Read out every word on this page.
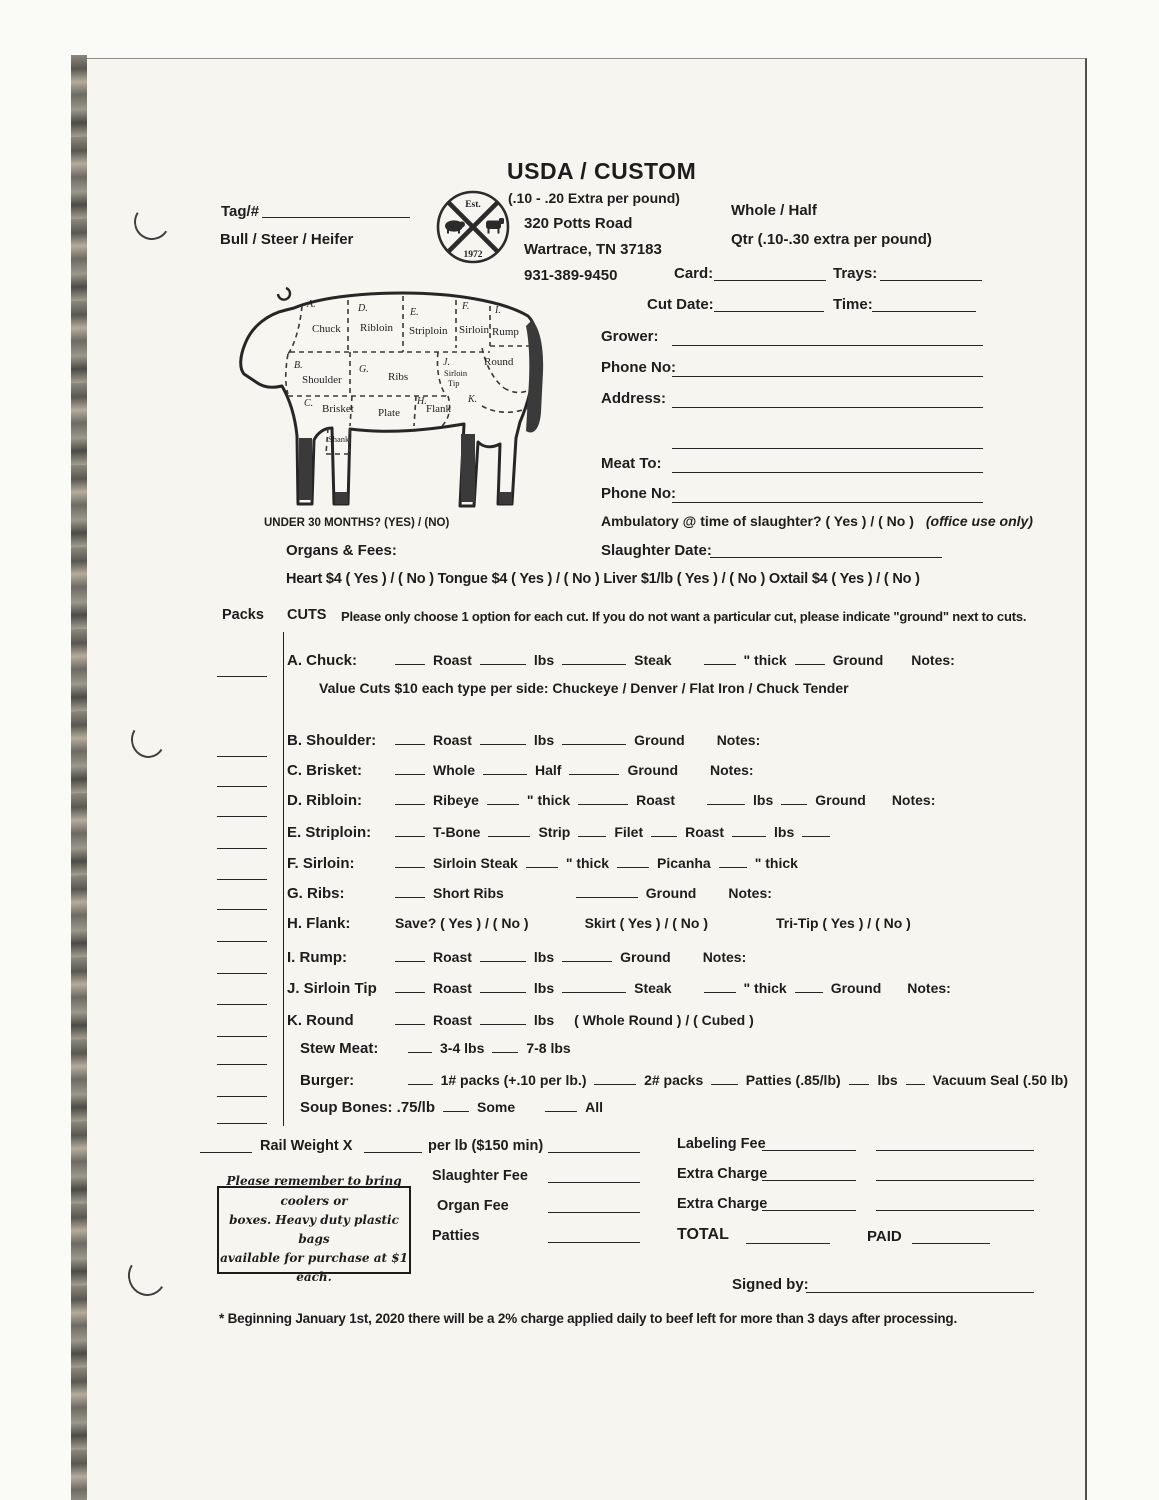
Tag/#
Bull / Steer / Heifer
Est.
1972
USDA / CUSTOM
(.10 - .20 Extra per pound)
320 Potts Road
Wartrace, TN 37183
931-389-9450
Whole / Half
Qtr (.10-.30 extra per pound)
Card:	Trays:
Cut Date:	Time:
A.
Chuck
D.
Ribloin
E.
Striploin
F.
Sirloin
I.
Rump
B.
Shoulder
G.
Ribs
J.
Sirloin
Tip
Round
C. Brisket Plate
H.
Flank
K.
Shank
UNDER 30 MONTHS? (YES) / (NO)
Grower:
Phone No:
Address:
Meat To:
Phone No:
Ambulatory @ time of slaughter? ( Yes ) / ( No ) (office use only)
Organs & Fees:	Slaughter Date:
Heart $4 ( Yes ) / ( No ) Tongue $4 ( Yes ) / ( No ) Liver $1/lb ( Yes ) / ( No ) Oxtail $4 ( Yes ) / ( No )
Packs CUTS Please only choose 1 option for each cut. If you do not want a particular cut, please indicate "ground" next to cuts.
A. Chuck:	Roast	lbs	Steak	" thick	Ground Notes:
Value Cuts $10 each type per side: Chuckeye / Denver / Flat Iron / Chuck Tender
B. Shoulder:	Roast	lbs	Ground Notes:
C. Brisket:	Whole	Half	Ground Notes:
D. Ribloin:	Ribeye	" thick	Roast	lbs	Ground Notes:
E. Striploin:	T-Bone	Strip	Filet	Roast	lbs
F. Sirloin:	Sirloin Steak	" thick	Picanha	" thick
G. Ribs:	Short Ribs	Ground Notes:
H. Flank:	Save? ( Yes ) / ( No )	Skirt ( Yes ) / ( No )	Tri-Tip ( Yes ) / ( No )
I. Rump:	Roast	lbs	Ground Notes:
J. Sirloin Tip	Roast	lbs	Steak	" thick	Ground Notes:
K. Round	Roast	lbs ( Whole Round ) / ( Cubed )
Stew Meat:	3-4 lbs	7-8 lbs
Burger:	1# packs (+.10 per lb.)	2# packs	Patties (.85/lb)	lbs Vacuum Seal (.50 lb)
Soup Bones: .75/lb	Some	All
Rail Weight X	per lb ($150 min)
Slaughter Fee
Organ Fee
Patties
Labeling Fee
Extra Charge
Extra Charge
TOTAL	PAID
Please remember to bring coolers or
boxes. Heavy duty plastic bags
available for purchase at $1 each.	Signed by:
* Beginning January 1st, 2020 there will be a 2% charge applied daily to beef left for more than 3 days after processing.
